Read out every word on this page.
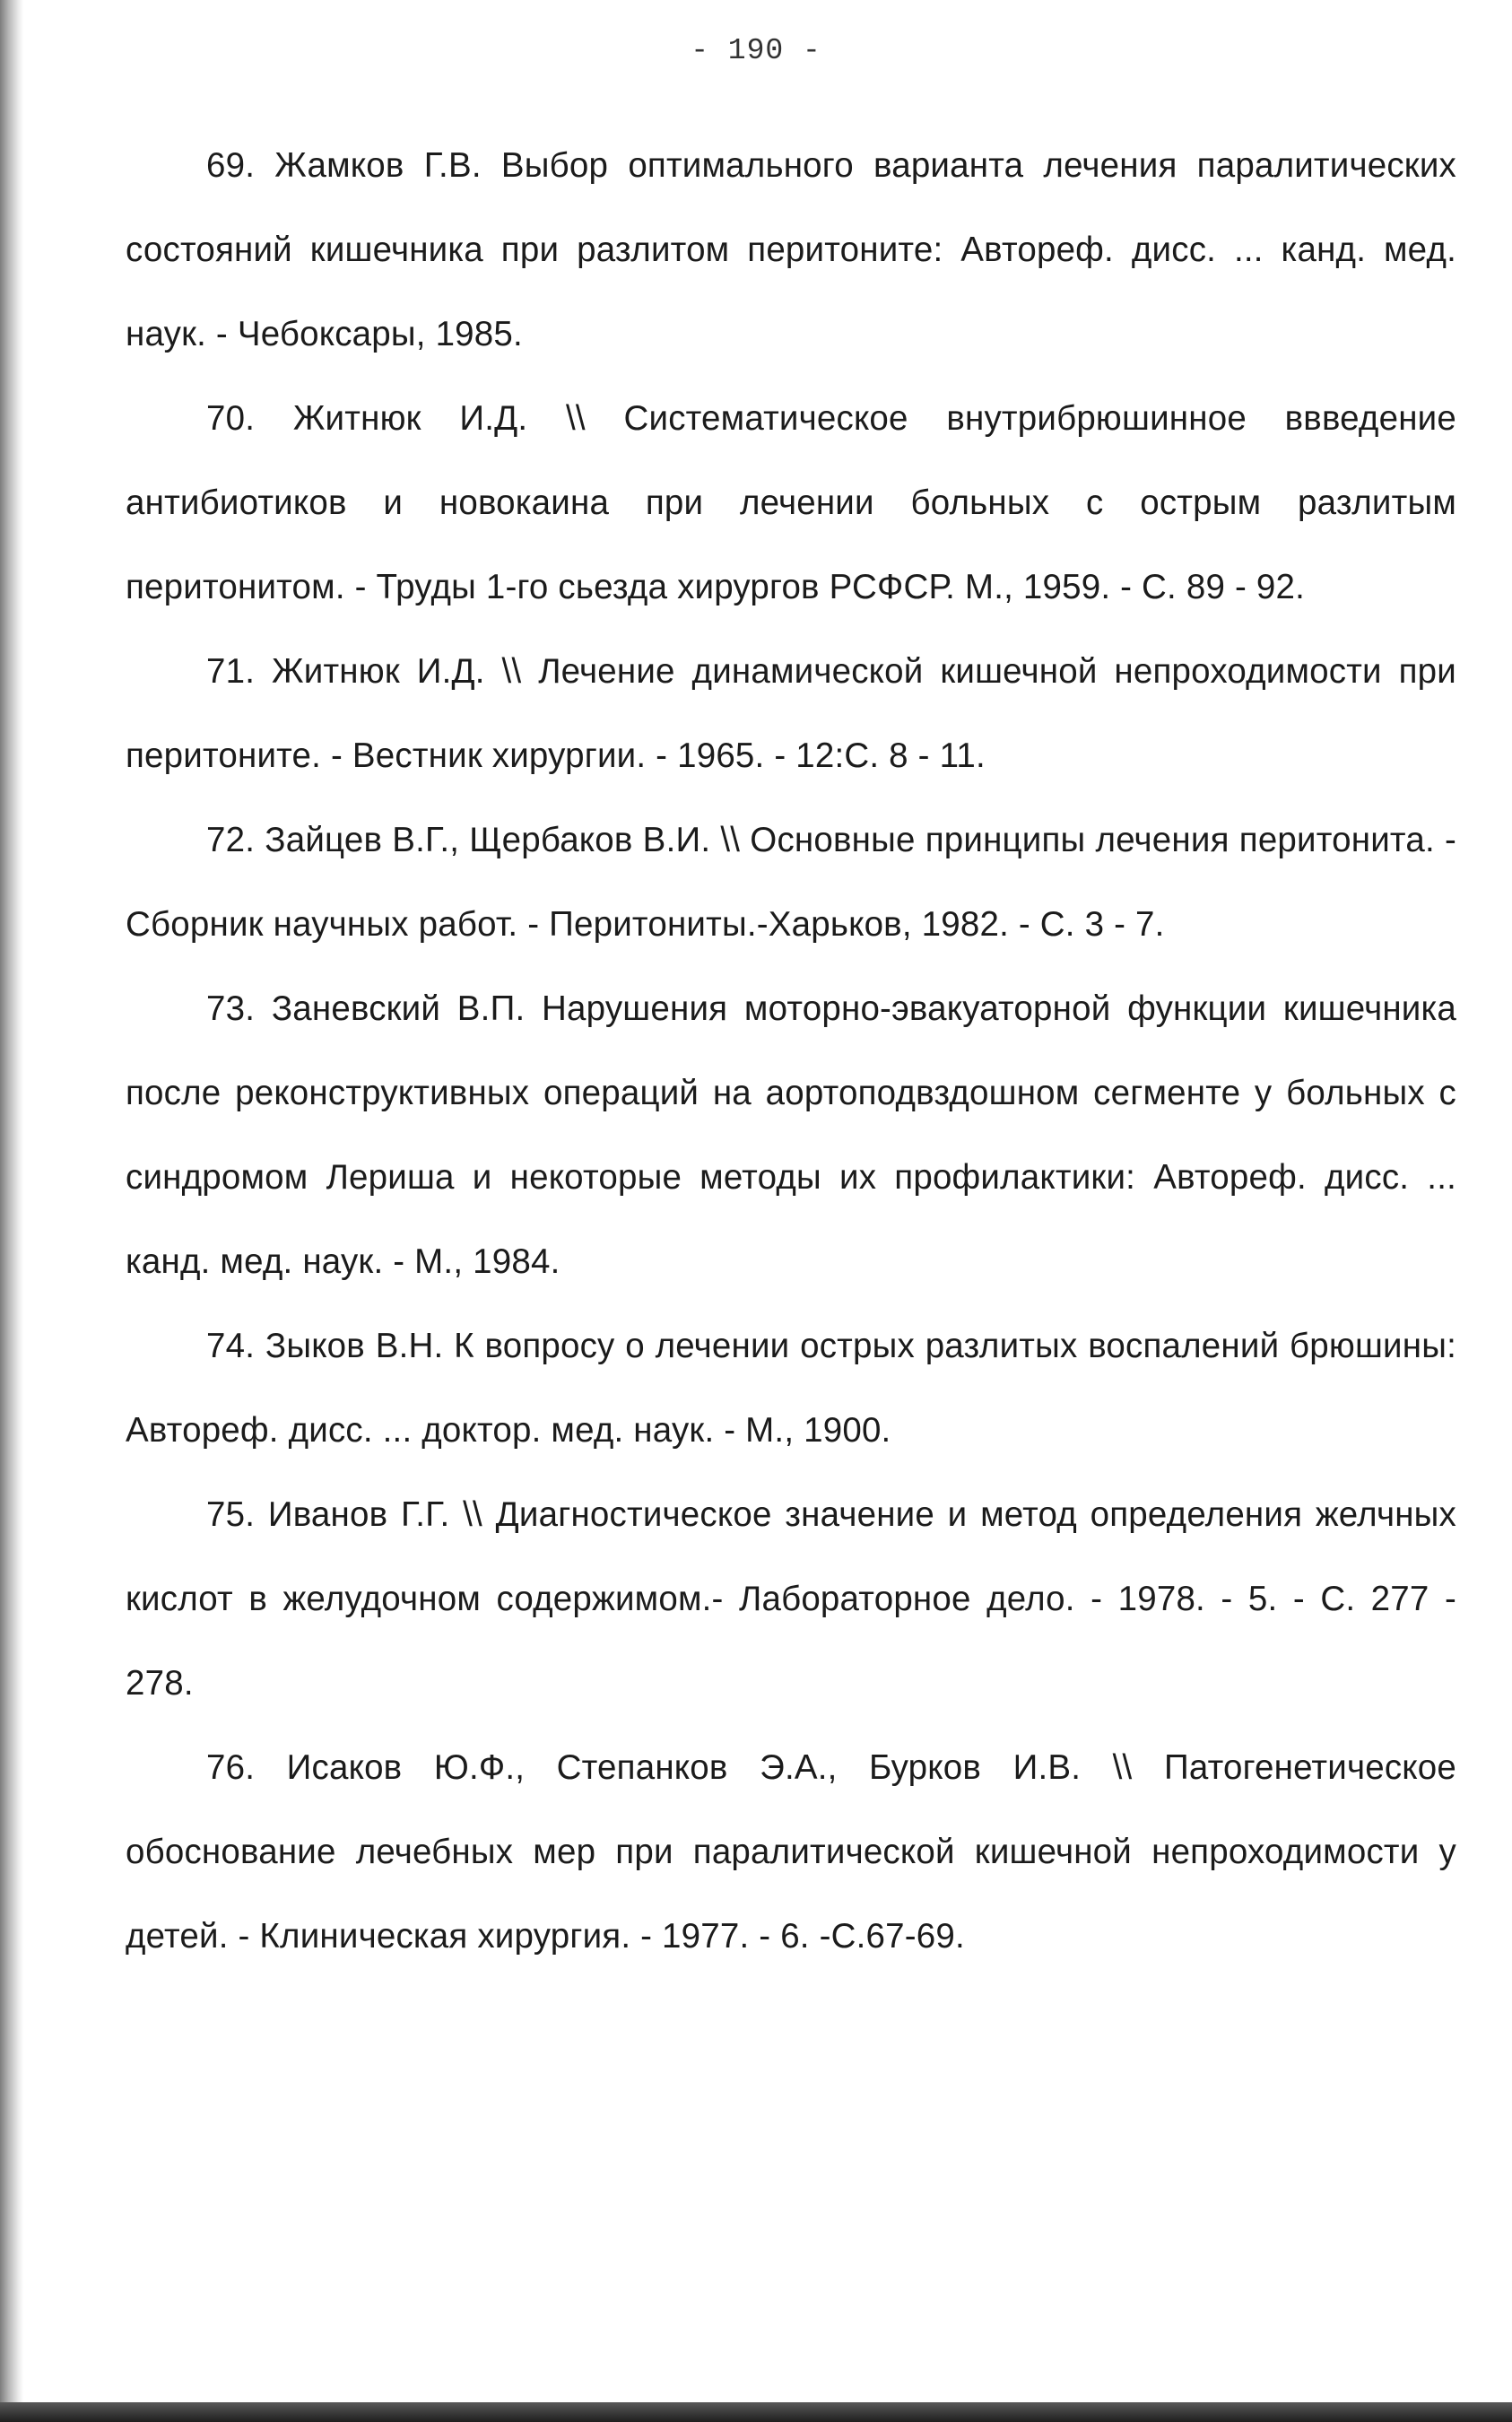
- 190 -

69. Жамков Г.В. Выбор оптимального варианта лечения паралитических состояний кишечника при разлитом перитоните: Автореф. дисс. ... канд. мед. наук. - Чебоксары, 1985.

70. Житнюк И.Д. \\ Систематическое внутрибрюшинное ввведение антибиотиков и новокаина при лечении больных с острым разлитым перитонитом. - Труды 1-го сьезда хирургов РСФСР. М., 1959. - С. 89 - 92.

71. Житнюк И.Д. \\ Лечение динамической кишечной непроходимости при перитоните. - Вестник хирургии. - 1965. - 12:С. 8 - 11.

72. Зайцев В.Г., Щербаков В.И. \\ Основные принципы лечения перитонита. - Сборник научных работ. - Перитониты.-Харьков, 1982. - С. 3 - 7.

73. Заневский В.П. Нарушения моторно-эвакуаторной функции кишечника после реконструктивных операций на аортоподвздошном сегменте у больных с синдромом Лериша и некоторые методы их профилактики: Автореф. дисс. ... канд. мед. наук. - М., 1984.

74. Зыков В.Н. К вопросу о лечении острых разлитых воспалений брюшины: Автореф. дисс. ... доктор. мед. наук. - М., 1900.

75. Иванов Г.Г. \\ Диагностическое значение и метод определения желчных кислот в желудочном содержимом.- Лабораторное дело. - 1978. - 5. - С. 277 - 278.

76. Исаков Ю.Ф., Степанков Э.А., Бурков И.В. \\ Патогенетическое обоснование лечебных мер при паралитической кишечной непроходимости у детей. - Клиническая хирургия. - 1977. - 6. -С.67-69.
